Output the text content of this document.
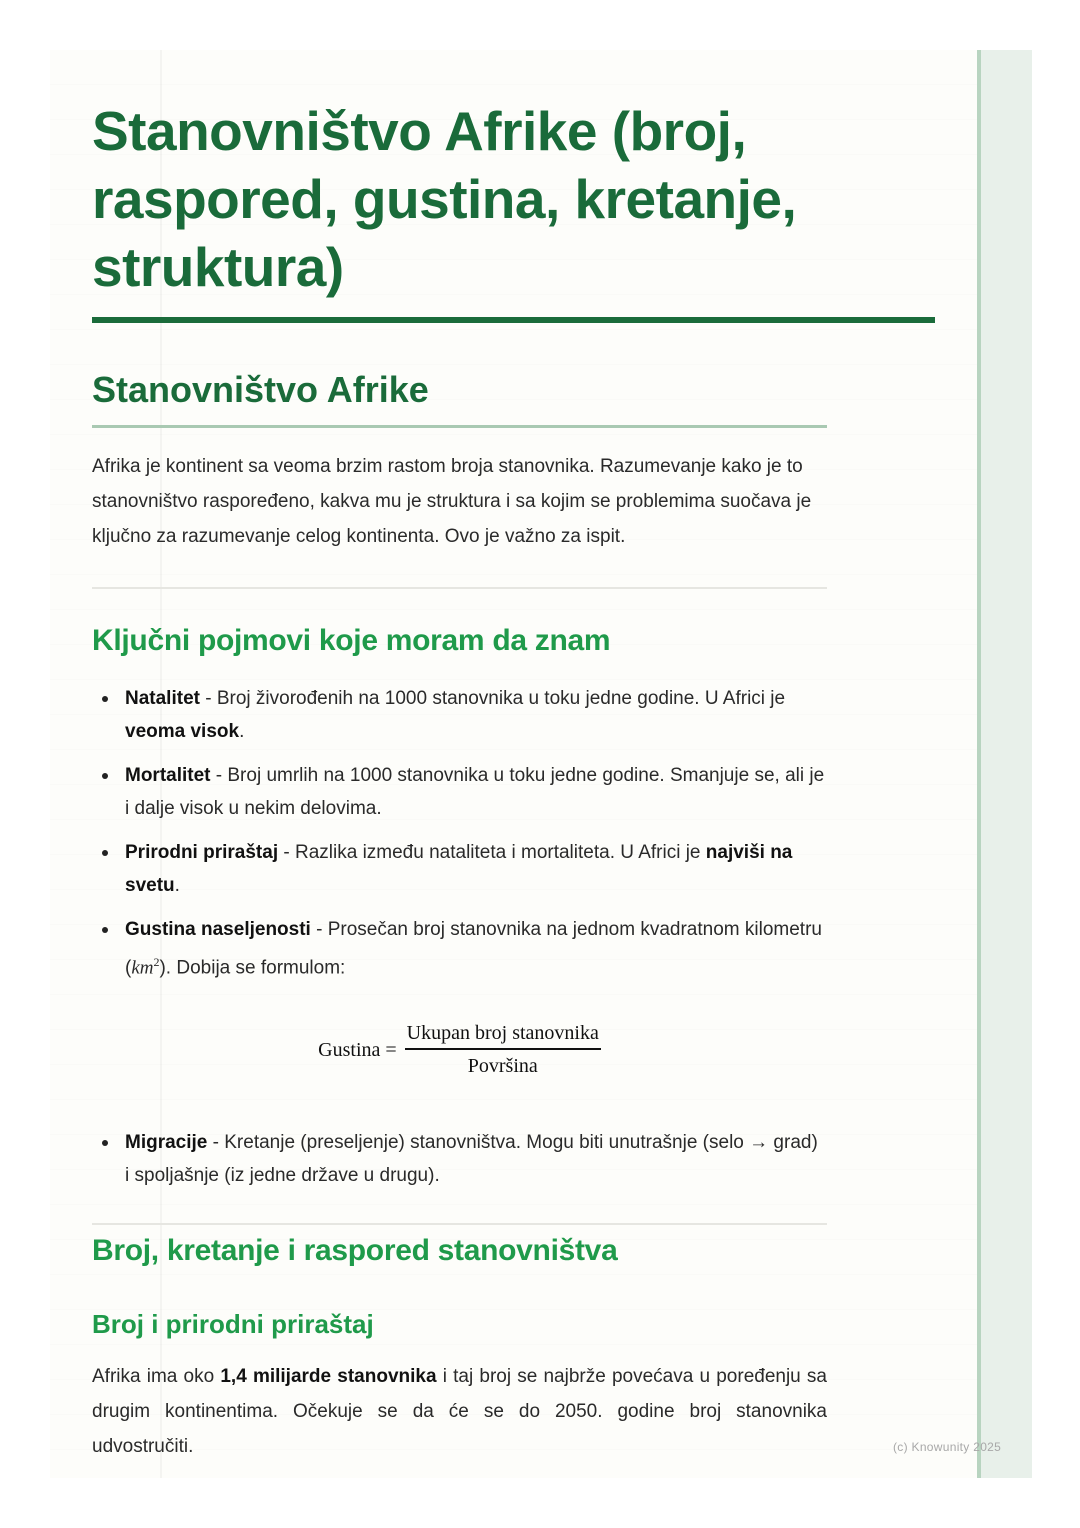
Stanovništvo Afrike (broj, raspored, gustina, kretanje, struktura)
Stanovništvo Afrike

Afrika je kontinent sa veoma brzim rastom broja stanovnika. Razumevanje kako je to stanovništvo raspoređeno, kakva mu je struktura i sa kojim se problemima suočava je ključno za razumevanje celog kontinenta. Ovo je važno za ispit.

Ključni pojmovi koje moram da znam
Natalitet - Broj živorođenih na 1000 stanovnika u toku jedne godine. U Africi je veoma visok.
Mortalitet - Broj umrlih na 1000 stanovnika u toku jedne godine. Smanjuje se, ali je i dalje visok u nekim delovima.
Prirodni priraštaj - Razlika između nataliteta i mortaliteta. U Africi je najviši na svetu.
Gustina naseljenosti - Prosečan broj stanovnika na jednom kvadratnom kilometru $(km^2)$. Dobija se formulom:
Gustina = $\frac{\text{Ukupan broj stanovnika}}{\text{Površina}}$
Migracije - Kretanje (preseljenje) stanovništva. Mogu biti unutrašnje (selo → grad) i spoljašnje (iz jedne države u drugu).
Broj, kretanje i raspored stanovništva
Broj i prirodni priraštaj

Afrika ima oko 1,4 milijarde stanovnika i taj broj se najbrže povećava u poređenju sa drugim kontinentima. Očekuje se da će se do 2050. godine broj stanovnika udvostručiti.	(c) Knowunity 2025
